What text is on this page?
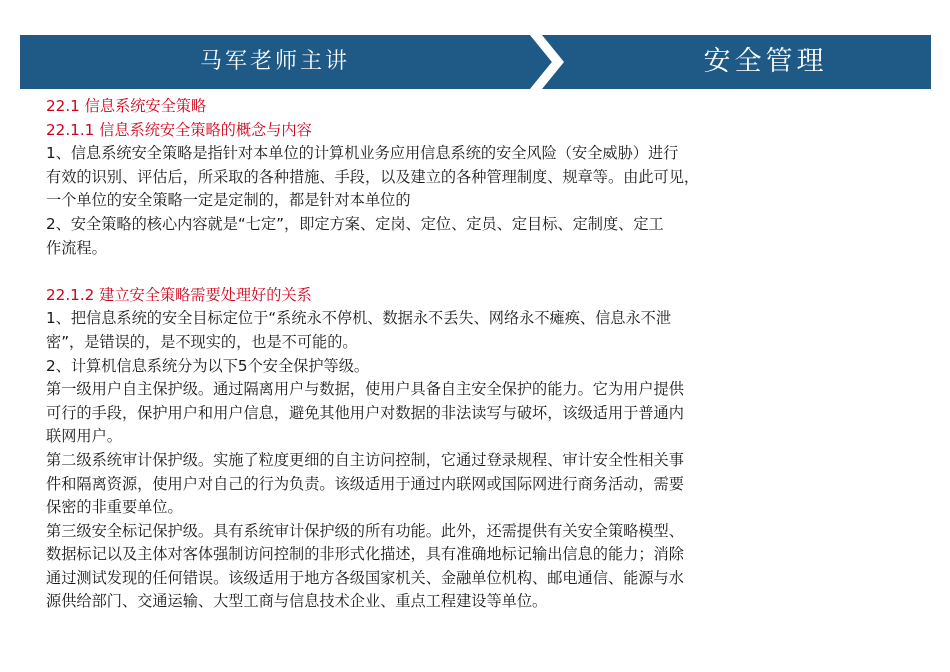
马军老师主讲	安全管理

22.1 信息系统安全策略

22.1.1 信息系统安全策略的概念与内容

1、信息系统安全策略是指针对本单位的计算机业务应用信息系统的安全风险（安全威胁）进行

有效的识别、评估后，所采取的各种措施、手段，以及建立的各种管理制度、规章等。由此可见，

一个单位的安全策略一定是定制的，都是针对本单位的

2、安全策略的核心内容就是“七定”，即定方案、定岗、定位、定员、定目标、定制度、定工

作流程。

22.1.2 建立安全策略需要处理好的关系

1、把信息系统的安全目标定位于“系统永不停机、数据永不丢失、网络永不瘫痪、信息永不泄

密”，是错误的，是不现实的，也是不可能的。

2、计算机信息系统分为以下5个安全保护等级。

第一级用户自主保护级。通过隔离用户与数据，使用户具备自主安全保护的能力。它为用户提供

可行的手段，保护用户和用户信息，避免其他用户对数据的非法读写与破坏，该级适用于普通内

联网用户。

第二级系统审计保护级。实施了粒度更细的自主访问控制，它通过登录规程、审计安全性相关事

件和隔离资源，使用户对自己的行为负责。该级适用于通过内联网或国际网进行商务活动，需要

保密的非重要单位。

第三级安全标记保护级。具有系统审计保护级的所有功能。此外，还需提供有关安全策略模型、

数据标记以及主体对客体强制访问控制的非形式化描述，具有准确地标记输出信息的能力；消除

通过测试发现的任何错误。该级适用于地方各级国家机关、金融单位机构、邮电通信、能源与水

源供给部门、交通运输、大型工商与信息技术企业、重点工程建设等单位。
